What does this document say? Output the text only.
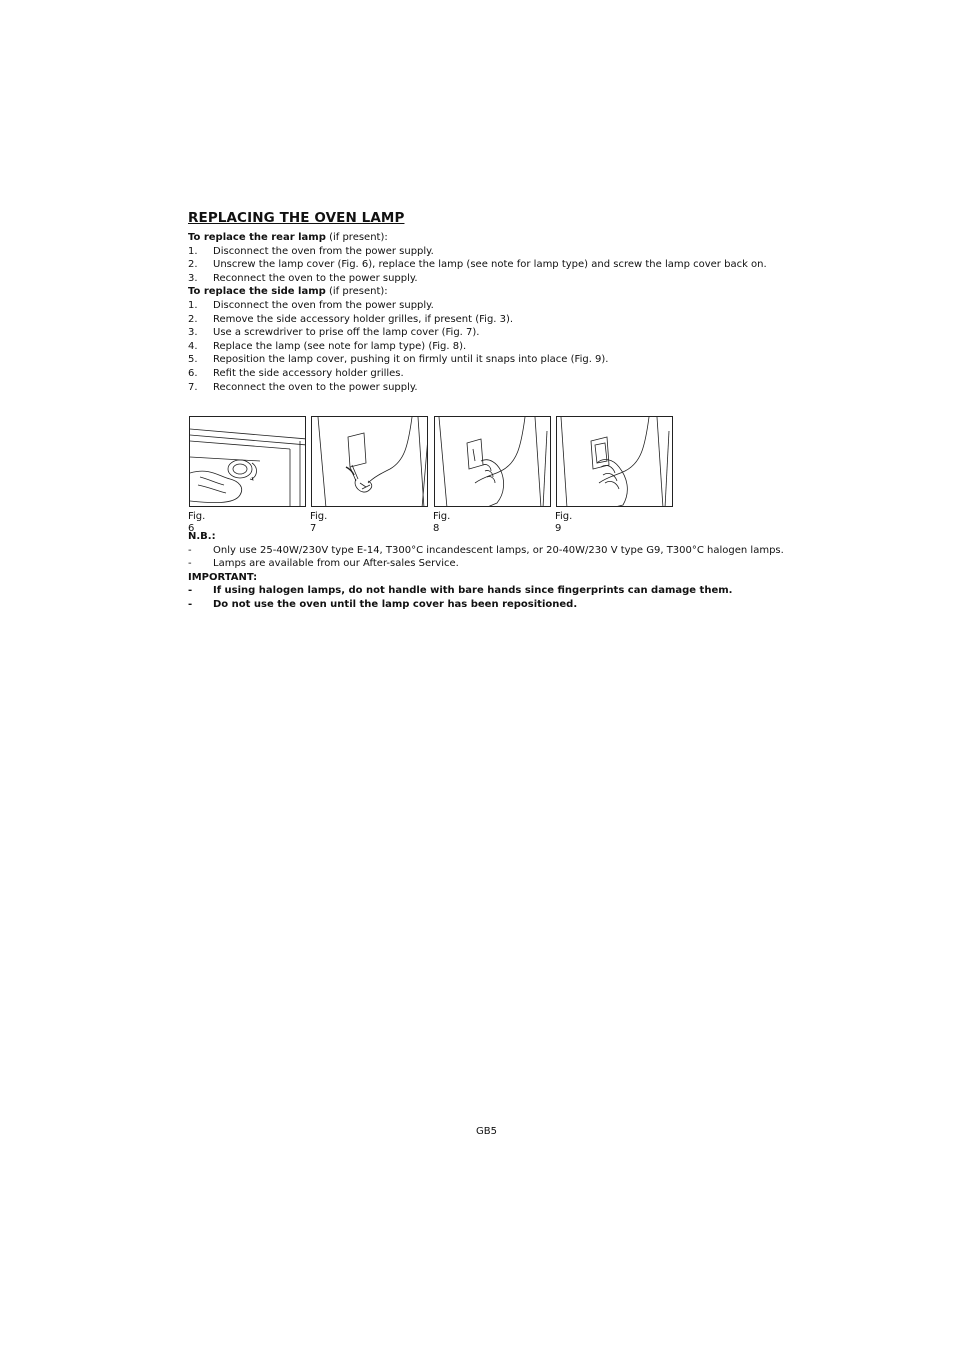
REPLACING THE OVEN LAMP
To replace the rear lamp (if present):
1.	Disconnect the oven from the power supply.
2.	Unscrew the lamp cover (Fig. 6), replace the lamp (see note for lamp type) and screw the lamp cover back on.
3.	Reconnect the oven to the power supply.
To replace the side lamp (if present):
1.	Disconnect the oven from the power supply.
2.	Remove the side accessory holder grilles, if present (Fig. 3).
3.	Use a screwdriver to prise off the lamp cover (Fig. 7).
4.	Replace the lamp (see note for lamp type) (Fig. 8).
5.	Reposition the lamp cover, pushing it on firmly until it snaps into place (Fig. 9).
6.	Refit the side accessory holder grilles.
7.	Reconnect the oven to the power supply.
Fig. 6
Fig. 7
Fig. 8
Fig. 9
N.B.:
-	Only use 25-40W/230V type E-14, T300°C incandescent lamps, or 20-40W/230 V type G9, T300°C halogen lamps.
-	Lamps are available from our After-sales Service.
IMPORTANT:
-	If using halogen lamps, do not handle with bare hands since fingerprints can damage them.
-	Do not use the oven until the lamp cover has been repositioned.
GB5
